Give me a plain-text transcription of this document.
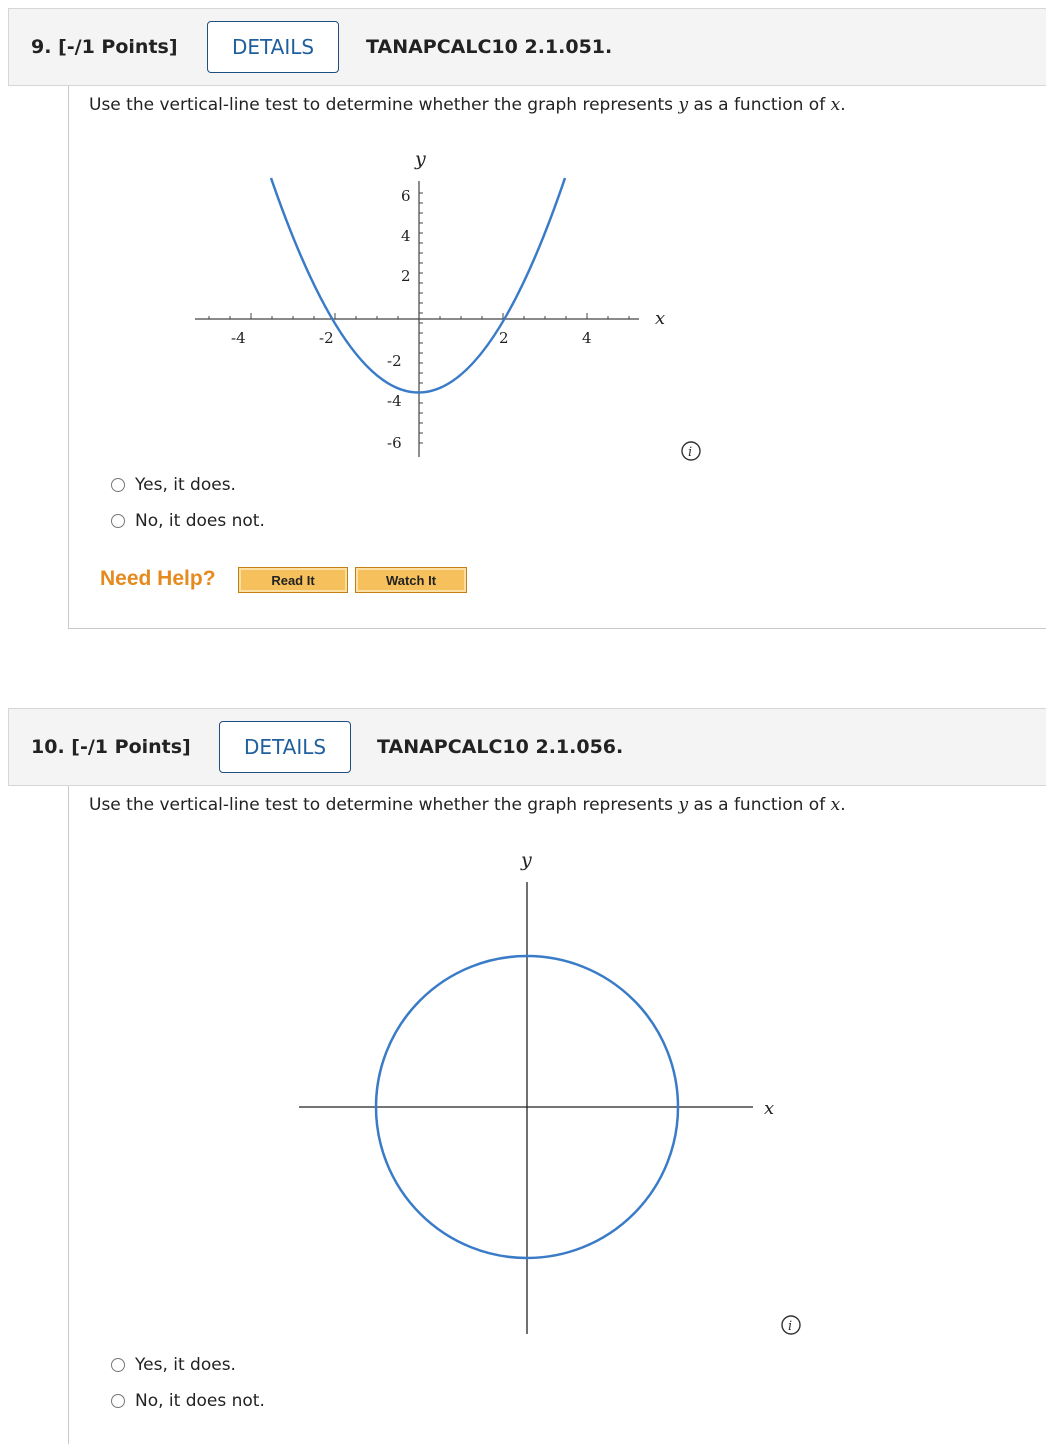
9. [-/1 Points]	DETAILS	TANAPCALC10 2.1.051.
Use the vertical-line test to determine whether the graph represents y as a function of x.
y
x
-4	-2	2	4
6
4
2
-2
-4
-6
i
Yes, it does.
No, it does not.
Need Help?	Read It	Watch It
10. [-/1 Points]	DETAILS	TANAPCALC10 2.1.056.
Use the vertical-line test to determine whether the graph represents y as a function of x.
y
x
i
Yes, it does.
No, it does not.
